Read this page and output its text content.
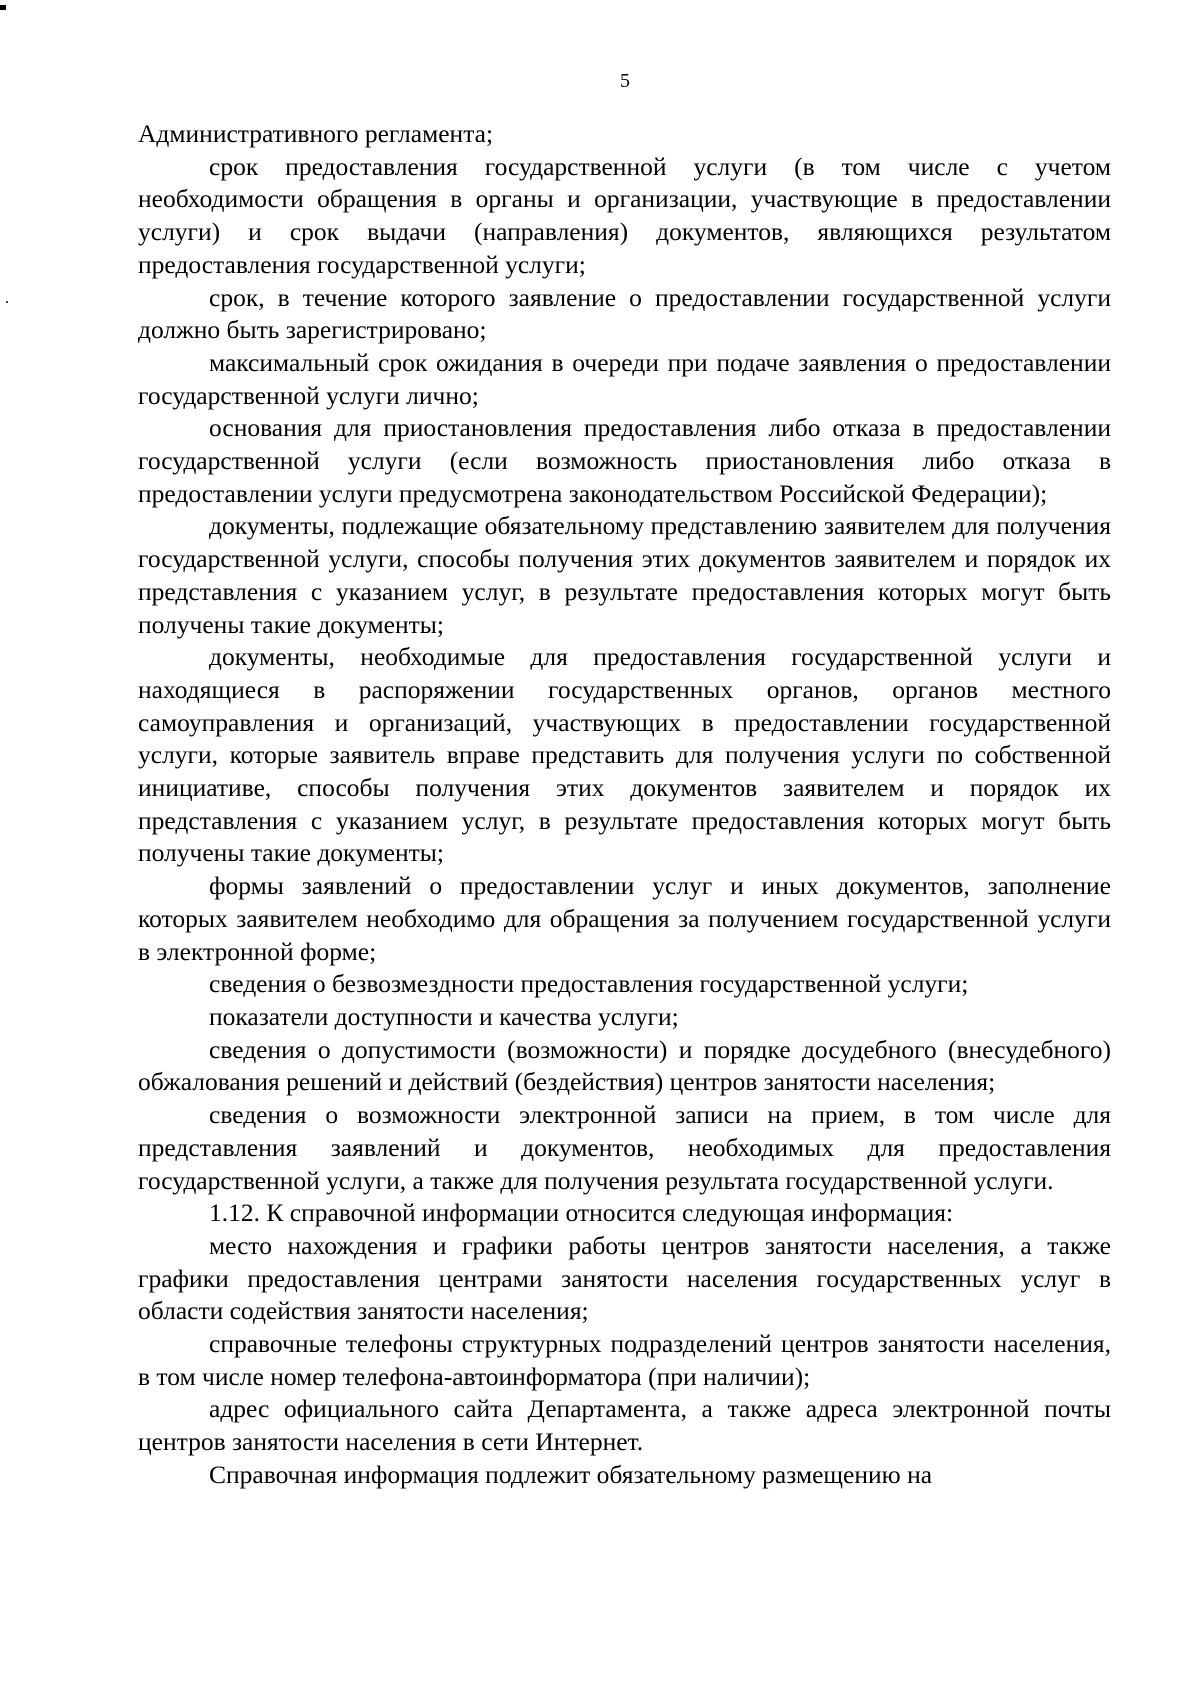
5

Административного регламента;

срок предоставления государственной услуги (в том числе с учетом необходимости обращения в органы и организации, участвующие в предоставлении услуги) и срок выдачи (направления) документов, являющихся результатом предоставления государственной услуги;

срок, в течение которого заявление о предоставлении государственной услуги должно быть зарегистрировано;

максимальный срок ожидания в очереди при подаче заявления о предоставлении государственной услуги лично;

основания для приостановления предоставления либо отказа в предоставлении государственной услуги (если возможность приостановления либо отказа в предоставлении услуги предусмотрена законодательством Российской Федерации);

документы, подлежащие обязательному представлению заявителем для получения государственной услуги, способы получения этих документов заявителем и порядок их представления с указанием услуг, в результате предоставления которых могут быть получены такие документы;

документы, необходимые для предоставления государственной услуги и находящиеся в распоряжении государственных органов, органов местного самоуправления и организаций, участвующих в предоставлении государственной услуги, которые заявитель вправе представить для получения услуги по собственной инициативе, способы получения этих документов заявителем и порядок их представления с указанием услуг, в результате предоставления которых могут быть получены такие документы;

формы заявлений о предоставлении услуг и иных документов, заполнение которых заявителем необходимо для обращения за получением государственной услуги в электронной форме;

сведения о безвозмездности предоставления государственной услуги;

показатели доступности и качества услуги;

сведения о допустимости (возможности) и порядке досудебного (внесудебного) обжалования решений и действий (бездействия) центров занятости населения;

сведения о возможности электронной записи на прием, в том числе для представления заявлений и документов, необходимых для предоставления государственной услуги, а также для получения результата государственной услуги.

1.12. К справочной информации относится следующая информация:

место нахождения и графики работы центров занятости населения, а также графики предоставления центрами занятости населения государственных услуг в области содействия занятости населения;

справочные телефоны структурных подразделений центров занятости населения, в том числе номер телефона-автоинформатора (при наличии);

адрес официального сайта Департамента, а также адреса электронной почты центров занятости населения в сети Интернет.

Справочная информация подлежит обязательному размещению на
